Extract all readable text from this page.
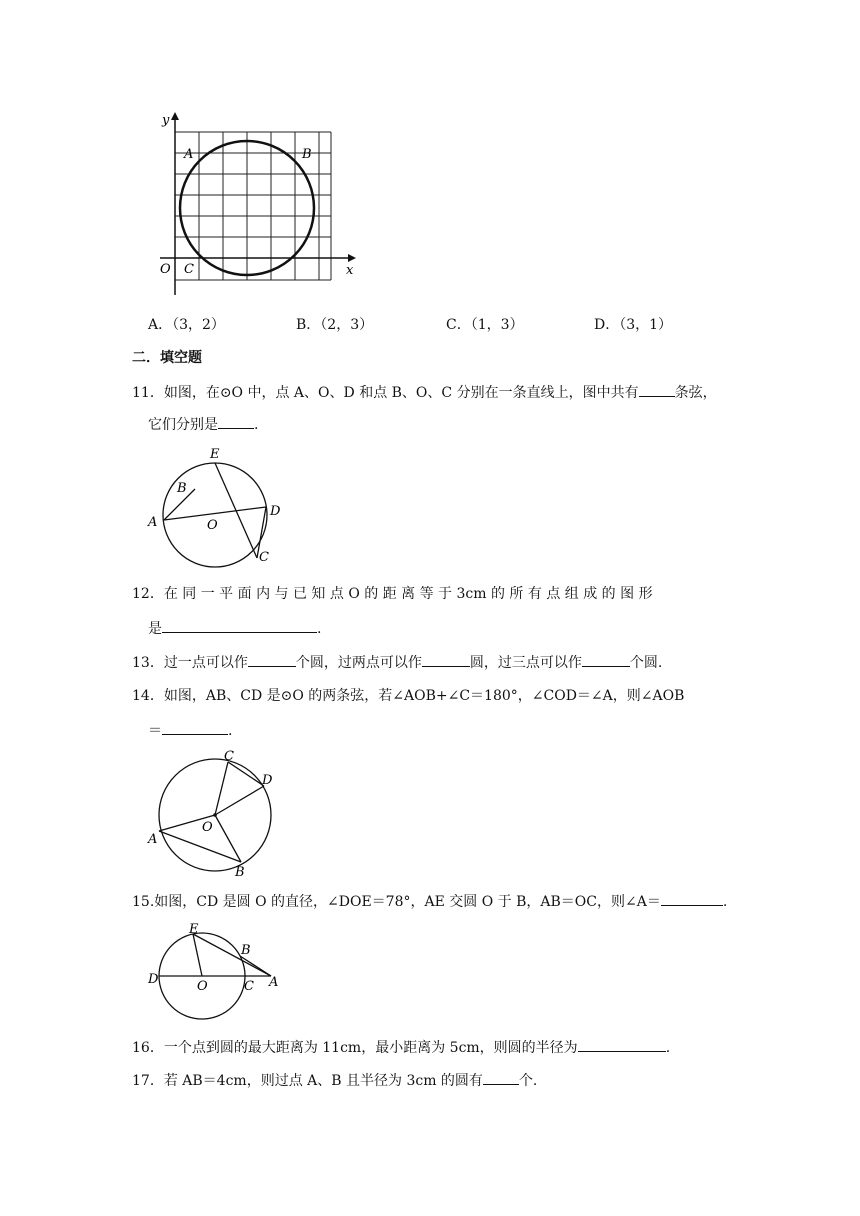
y
x
A	B
O C
A．（3，2）	B．（2，3）	C．（1，3）	D．（3，1）
二．填空题
11．如图，在⊙O 中，点 A、O、D 和点 B、O、C 分别在一条直线上，图中共有	条弦，
它们分别是	.
E
B
A	O
D
C
12．在 同 一 平 面 内 与 已 知 点 O 的 距 离 等 于 3cm 的 所 有 点 组 成 的 图 形
是	.
13．过一点可以作	个圆，过两点可以作	圆，过三点可以作	个圆.
14．如图，AB、CD 是⊙O 的两条弦，若∠AOB+∠C＝180°，∠COD＝∠A，则∠AOB
＝	.
C
D
O
A
B
15.如图，CD 是圆 O 的直径，∠DOE＝78°，AE 交圆 O 于 B，AB＝OC，则∠A＝	.
E
B
D	O	C A
16．一个点到圆的最大距离为 11cm，最小距离为 5cm，则圆的半径为	.
17．若 AB＝4cm，则过点 A、B 且半径为 3cm 的圆有	个.
